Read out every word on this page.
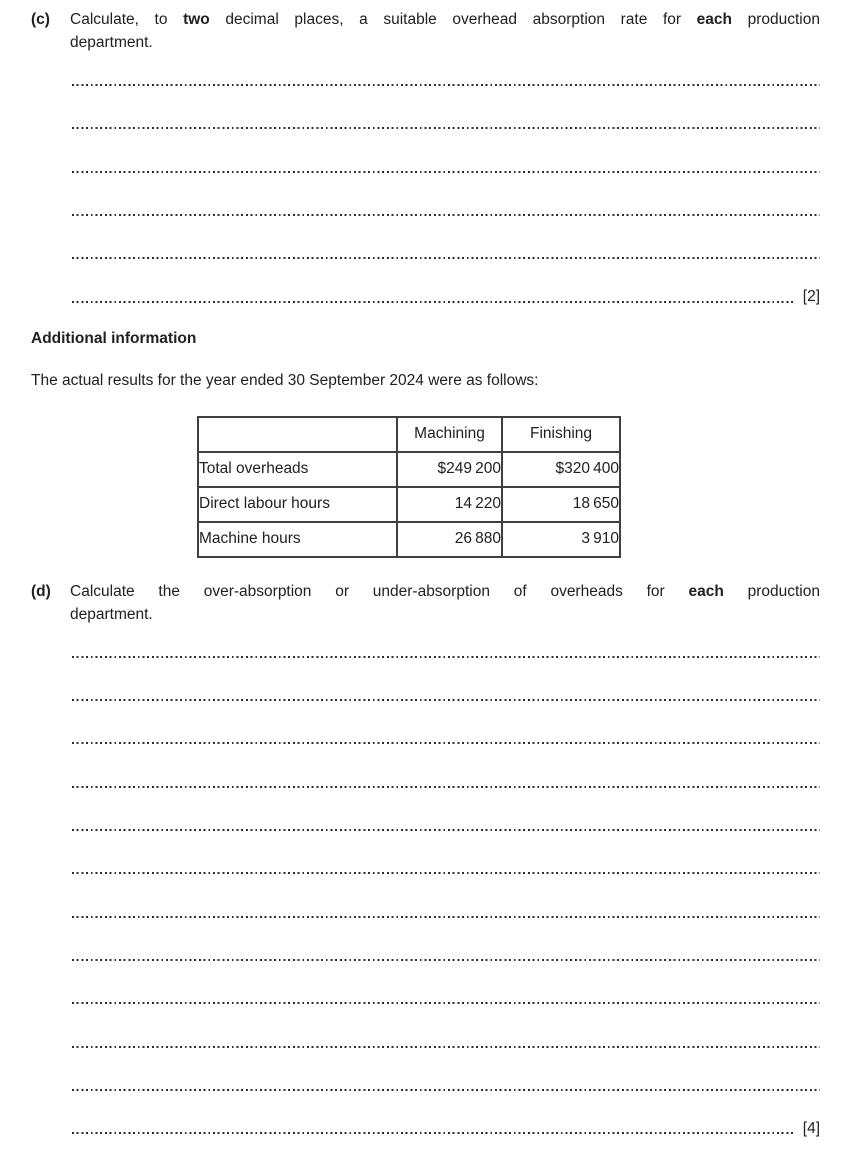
(c) Calculate, to two decimal places, a suitable overhead absorption rate for each production
department.
[2]
Additional information
The actual results for the year ended 30 September 2024 were as follows:
	Machining	Finishing
Total overheads	$249 200	$320 400
Direct labour hours	14 220	18 650
Machine hours	26 880	3 910
(d) Calculate the over-absorption or under-absorption of overheads for each production
department.
[4]
